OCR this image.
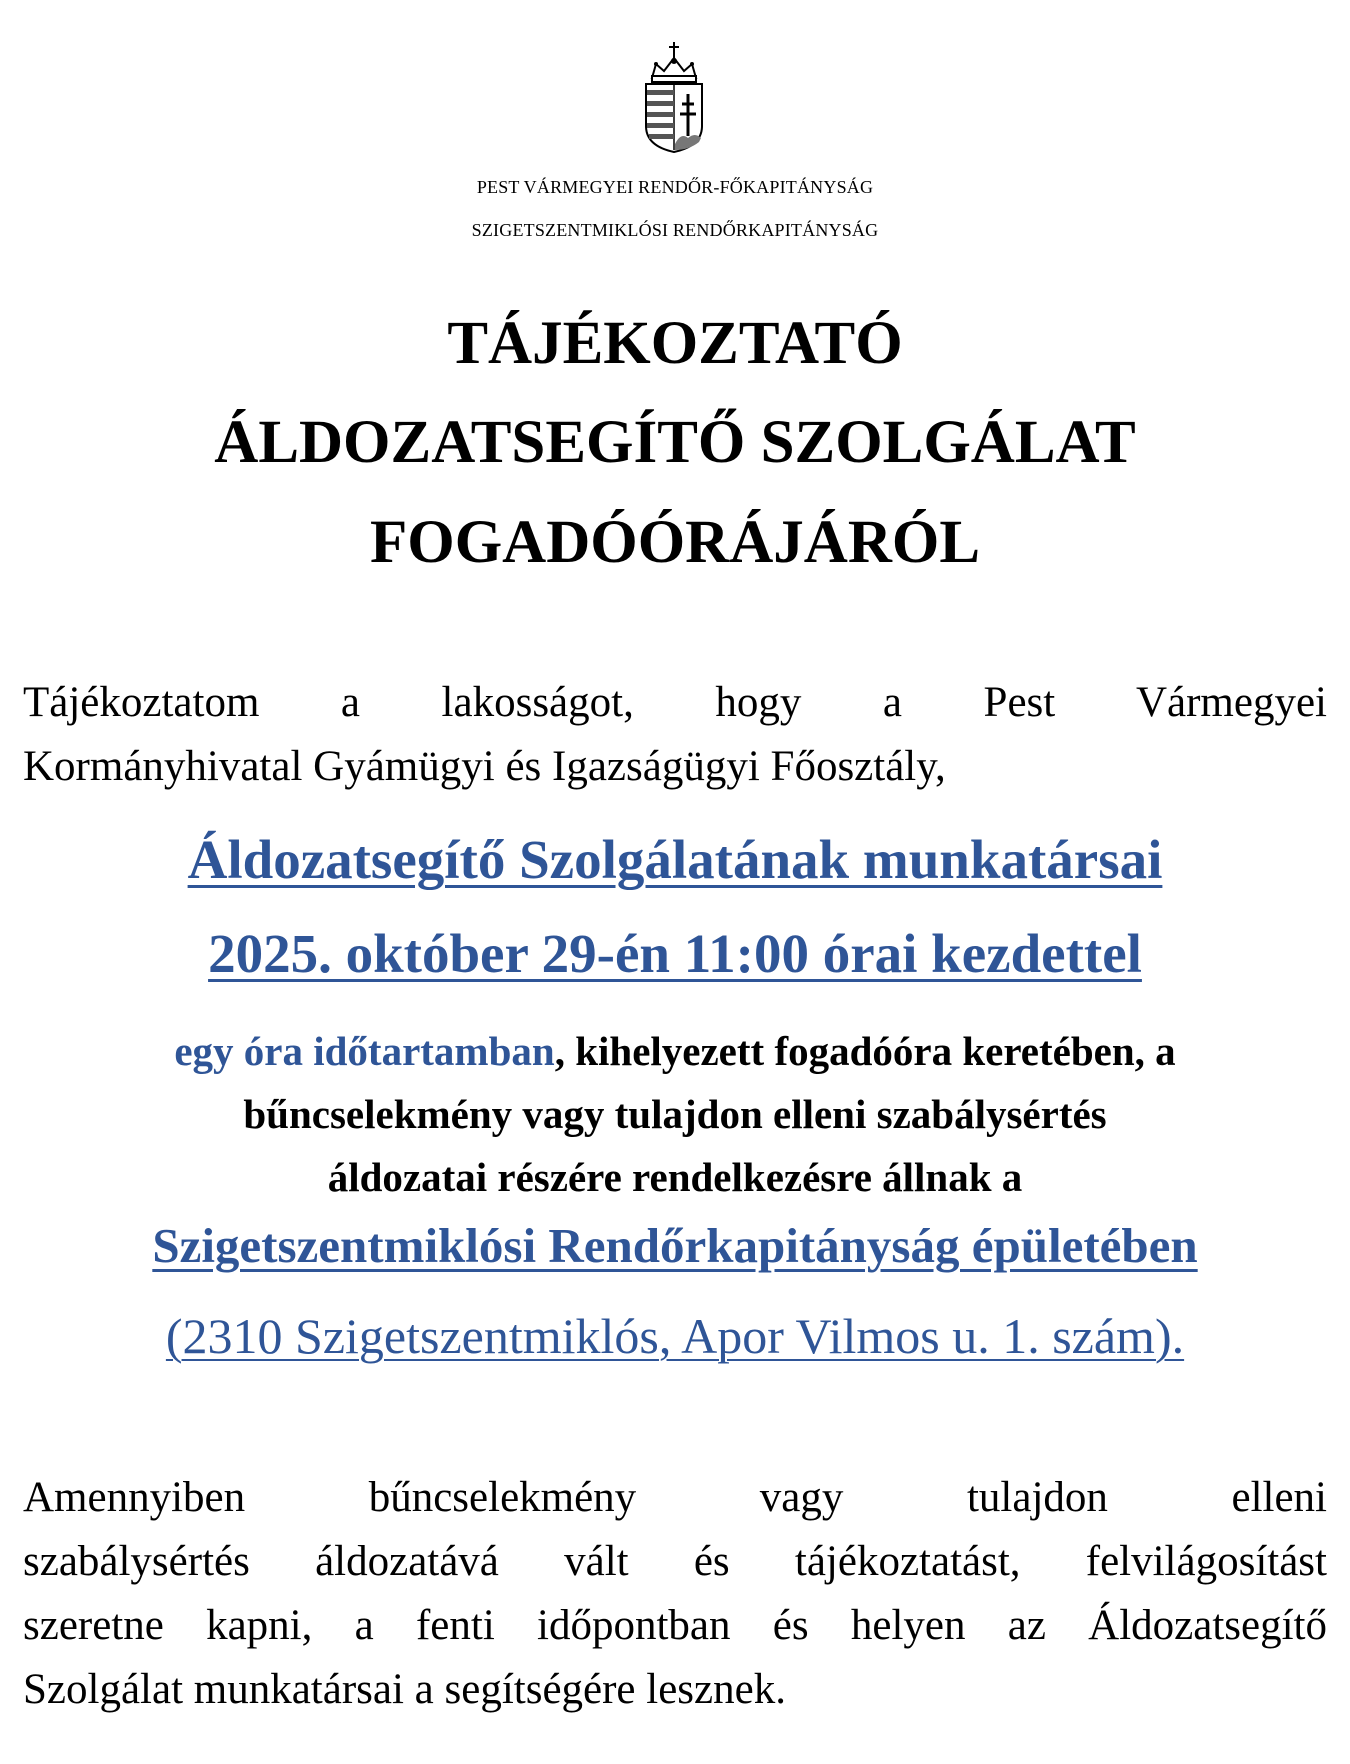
PEST VÁRMEGYEI RENDŐR-FŐKAPITÁNYSÁG
SZIGETSZENTMIKLÓSI RENDŐRKAPITÁNYSÁG
TÁJÉKOZTATÓ
ÁLDOZATSEGÍTŐ SZOLGÁLAT
FOGADÓÓRÁJÁRÓL
Tájékoztatom a lakosságot, hogy a Pest Vármegyei
Kormányhivatal Gyámügyi és Igazságügyi Főosztály,
Áldozatsegítő Szolgálatának munkatársai
2025. október 29-én 11:00 órai kezdettel
egy óra időtartamban, kihelyezett fogadóóra keretében, a
bűncselekmény vagy tulajdon elleni szabálysértés
áldozatai részére rendelkezésre állnak a
Szigetszentmiklósi Rendőrkapitányság épületében
(2310 Szigetszentmiklós, Apor Vilmos u. 1. szám).
Amennyiben bűncselekmény vagy tulajdon elleni
szabálysértés áldozatává vált és tájékoztatást, felvilágosítást
szeretne kapni, a fenti időpontban és helyen az Áldozatsegítő
Szolgálat munkatársai a segítségére lesznek.
